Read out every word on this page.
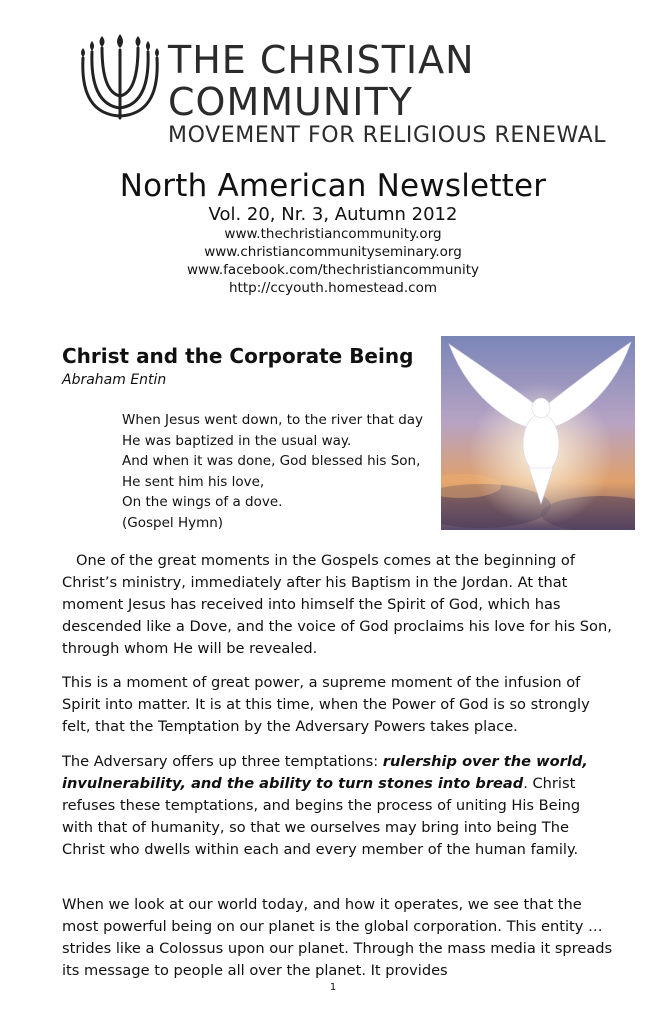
THE CHRISTIAN
COMMUNITY
MOVEMENT FOR RELIGIOUS RENEWAL
North American Newsletter
Vol. 20, Nr. 3, Autumn 2012
www.thechristiancommunity.org
www.christiancommunityseminary.org
www.facebook.com/thechristiancommunity
http://ccyouth.homestead.com
Christ and the Corporate Being
Abraham Entin
When Jesus went down, to the river that day
He was baptized in the usual way.
And when it was done, God blessed his Son,
He sent him his love,
On the wings of a dove.
(Gospel Hymn)

One of the great moments in the Gospels comes at the beginning of Christ’s ministry, immediately after his Baptism in the Jordan. At that moment Jesus has received into himself the Spirit of God, which has descended like a Dove, and the voice of God proclaims his love for his Son, through whom He will be revealed.

This is a moment of great power, a supreme moment of the infusion of Spirit into matter. It is at this time, when the Power of God is so strongly felt, that the Temptation by the Adversary Powers takes place.

The Adversary offers up three temptations: rulership over the world, invulnerability, and the ability to turn stones into bread. Christ refuses these temptations, and begins the process of uniting His Being with that of humanity, so that we ourselves may bring into being The Christ who dwells within each and every member of the human family.

When we look at our world today, and how it operates, we see that the most powerful being on our planet is the global corporation. This entity … strides like a Colossus upon our planet. Through the mass media it spreads its message to people all over the planet. It provides

1
